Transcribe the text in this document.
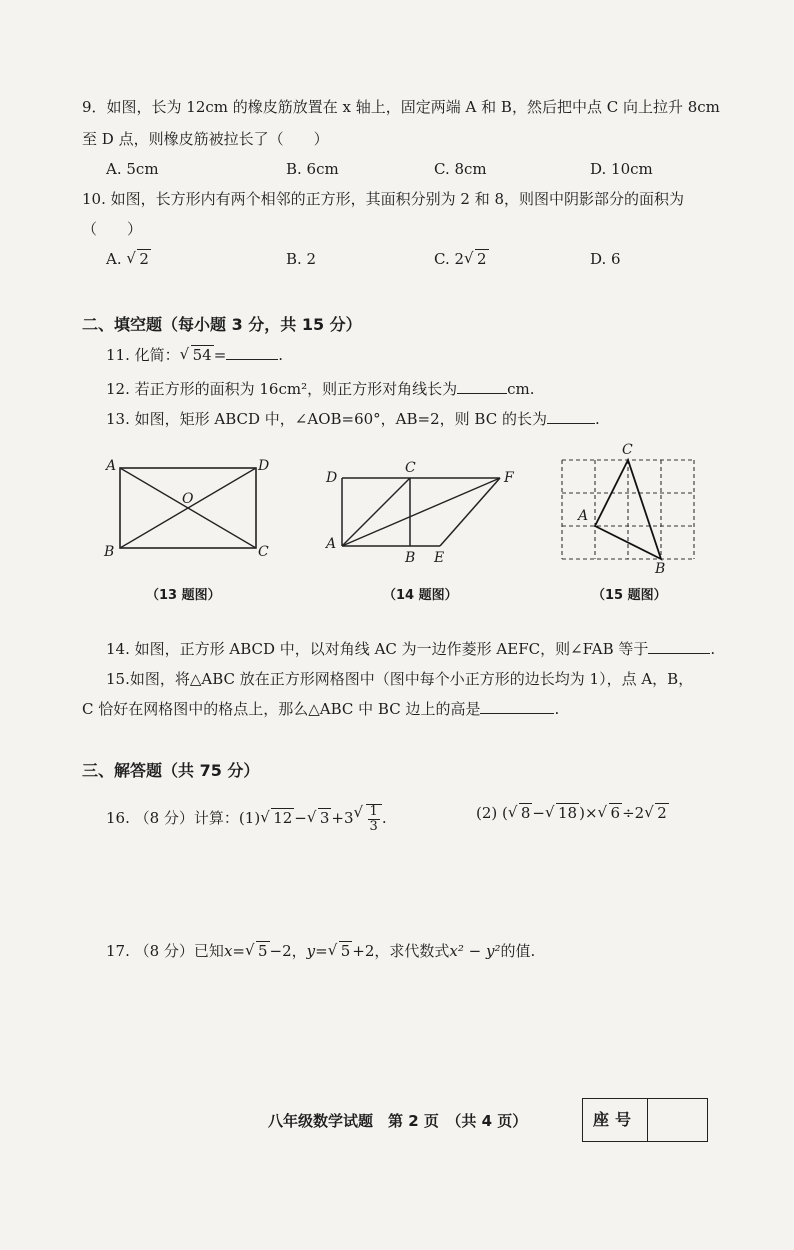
9．如图，长为 12cm 的橡皮筋放置在 x 轴上，固定两端 A 和 B，然后把中点 C 向上拉升 8cm
至 D 点，则橡皮筋被拉长了（　　）
A. 5cm	B. 6cm	C. 8cm	D. 10cm
10. 如图，长方形内有两个相邻的正方形，其面积分别为 2 和 8，则图中阴影部分的面积为
（　　）
A. √ 2	B. 2	C. 2√ 2	D. 6
二、填空题（每小题 3 分，共 15 分）
11. 化简：√ 54 =	.
12. 若正方形的面积为 16cm²，则正方形对角线长为	cm.
13. 如图，矩形 ABCD 中，∠AOB=60°，AB=2，则 BC 的长为	.
A	D
B	C
O
（13 题图）
D
C
F
A
B E
（14 题图）
C
A
B
（15 题图）
14. 如图，正方形 ABCD 中，以对角线 AC 为一边作菱形 AEFC，则∠FAB 等于	.
15.如图，将△ABC 放在正方形网格图中（图中每个小正方形的边长均为 1），点 A，B，
C 恰好在网格图中的格点上，那么△ABC 中 BC 边上的高是	.
三、解答题（共 75 分）
16. （8 分）计算：(1)√ 12 −√ $3 +3√ \frac{1}{3}$.	(2) (√ 8 −√ 18 )×√ 6 ÷2√ 2
17. （8 分）已知x=√ 5 −2，y=√ 5 +2，求代数式x² − y²的值.
八年级数学试题　第 2 页　（共 4 页）	座号
